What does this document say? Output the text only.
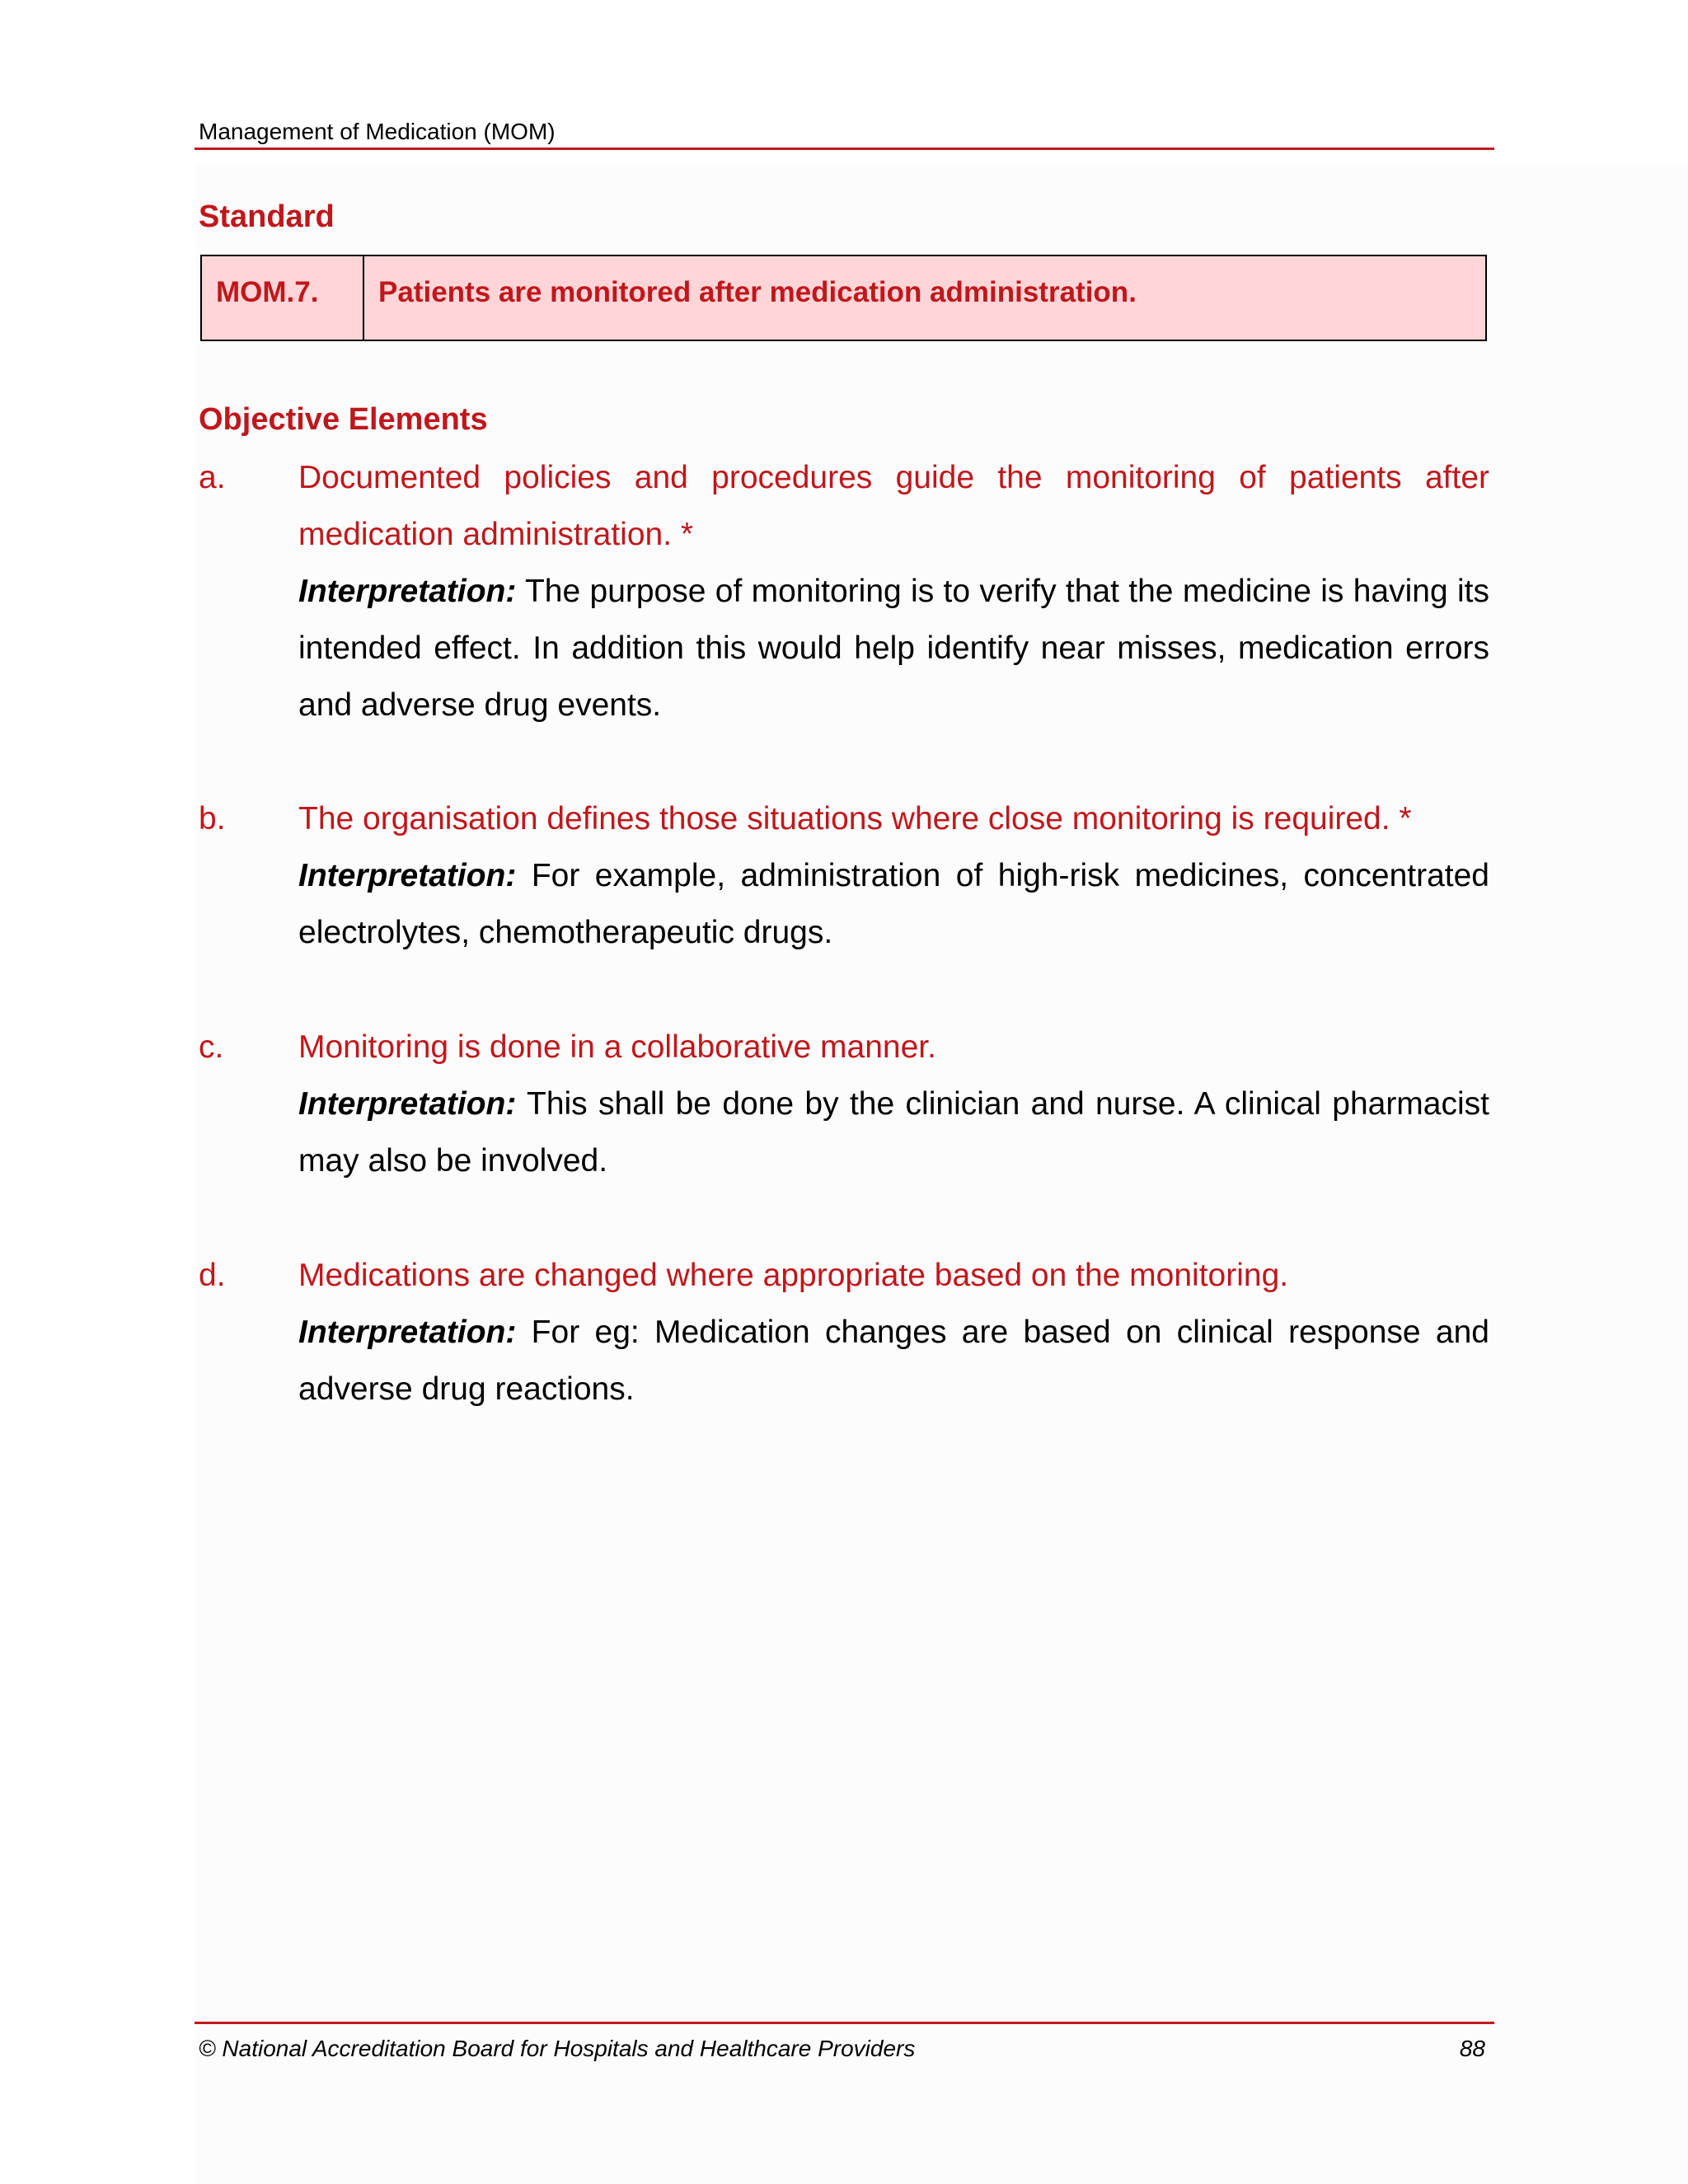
Management of Medication (MOM)
Standard
MOM.7.	Patients are monitored after medication administration.
Objective Elements
a. Documented policies and procedures guide the monitoring of patients after medication administration. *
Interpretation: The purpose of monitoring is to verify that the medicine is having its intended effect. In addition this would help identify near misses, medication errors and adverse drug events.
b. The organisation defines those situations where close monitoring is required. *
Interpretation: For example, administration of high-risk medicines, concentrated electrolytes, chemotherapeutic drugs.
c. Monitoring is done in a collaborative manner.
Interpretation: This shall be done by the clinician and nurse. A clinical pharmacist may also be involved.
d. Medications are changed where appropriate based on the monitoring.
Interpretation: For eg: Medication changes are based on clinical response and adverse drug reactions.
© National Accreditation Board for Hospitals and Healthcare Providers	88
